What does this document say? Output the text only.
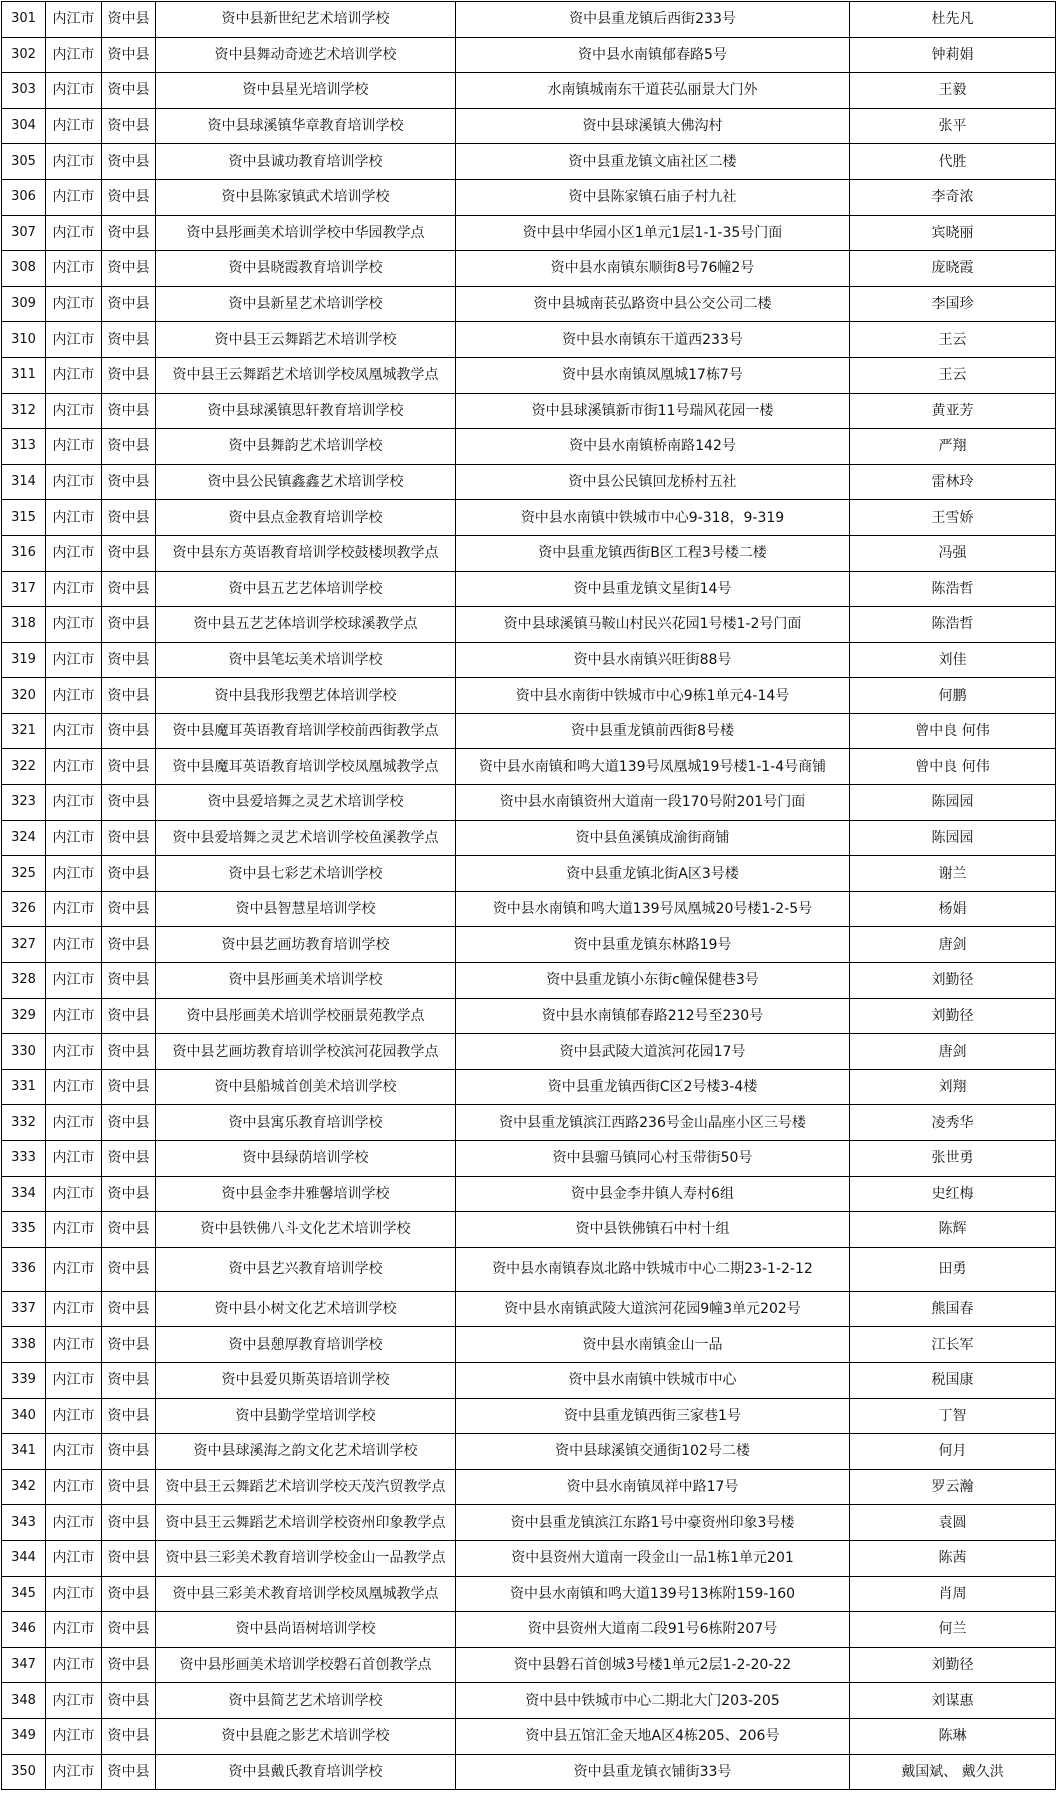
301	内江市	资中县	资中县新世纪艺术培训学校	资中县重龙镇后西街233号	杜先凡
302	内江市	资中县	资中县舞动奇迹艺术培训学校	资中县水南镇郁春路5号	钟莉娟
303	内江市	资中县	资中县星光培训学校	水南镇城南东干道苌弘丽景大门外	王毅
304	内江市	资中县	资中县球溪镇华章教育培训学校	资中县球溪镇大佛沟村	张平
305	内江市	资中县	资中县诚功教育培训学校	资中县重龙镇文庙社区二楼	代胜
306	内江市	资中县	资中县陈家镇武术培训学校	资中县陈家镇石庙子村九社	李奇浓
307	内江市	资中县	资中县彤画美术培训学校中华园教学点	资中县中华园小区1单元1层1-1-35号门面	宾晓丽
308	内江市	资中县	资中县晓霞教育培训学校	资中县水南镇东顺街8号76幢2号	庞晓霞
309	内江市	资中县	资中县新星艺术培训学校	资中县城南苌弘路资中县公交公司二楼	李国珍
310	内江市	资中县	资中县王云舞蹈艺术培训学校	资中县水南镇东干道西233号	王云
311	内江市	资中县	资中县王云舞蹈艺术培训学校凤凰城教学点	资中县水南镇凤凰城17栋7号	王云
312	内江市	资中县	资中县球溪镇思轩教育培训学校	资中县球溪镇新市街11号瑞风花园一楼	黄亚芳
313	内江市	资中县	资中县舞韵艺术培训学校	资中县水南镇桥南路142号	严翔
314	内江市	资中县	资中县公民镇鑫鑫艺术培训学校	资中县公民镇回龙桥村五社	雷林玲
315	内江市	资中县	资中县点金教育培训学校	资中县水南镇中铁城市中心9-318，9-319	王雪娇
316	内江市	资中县	资中县东方英语教育培训学校鼓楼坝教学点	资中县重龙镇西街B区工程3号楼二楼	冯强
317	内江市	资中县	资中县五艺艺体培训学校	资中县重龙镇文星街14号	陈浩哲
318	内江市	资中县	资中县五艺艺体培训学校球溪教学点	资中县球溪镇马鞍山村民兴花园1号楼1-2号门面	陈浩哲
319	内江市	资中县	资中县笔坛美术培训学校	资中县水南镇兴旺街88号	刘佳
320	内江市	资中县	资中县我形我塑艺体培训学校	资中县水南街中铁城市中心9栋1单元4-14号	何鹏
321	内江市	资中县	资中县魔耳英语教育培训学校前西街教学点	资中县重龙镇前西街8号楼	曾中良 何伟
322	内江市	资中县	资中县魔耳英语教育培训学校凤凰城教学点	资中县水南镇和鸣大道139号凤凰城19号楼1-1-4号商铺	曾中良 何伟
323	内江市	资中县	资中县爱培舞之灵艺术培训学校	资中县水南镇资州大道南一段170号附201号门面	陈园园
324	内江市	资中县	资中县爱培舞之灵艺术培训学校鱼溪教学点	资中县鱼溪镇成渝街商铺	陈园园
325	内江市	资中县	资中县七彩艺术培训学校	资中县重龙镇北街A区3号楼	谢兰
326	内江市	资中县	资中县智慧星培训学校	资中县水南镇和鸣大道139号凤凰城20号楼1-2-5号	杨娟
327	内江市	资中县	资中县艺画坊教育培训学校	资中县重龙镇东林路19号	唐剑
328	内江市	资中县	资中县彤画美术培训学校	资中县重龙镇小东街c幢保健巷3号	刘勤径
329	内江市	资中县	资中县彤画美术培训学校丽景苑教学点	资中县水南镇郁春路212号至230号	刘勤径
330	内江市	资中县	资中县艺画坊教育培训学校滨河花园教学点	资中县武陵大道滨河花园17号	唐剑
331	内江市	资中县	资中县船城首创美术培训学校	资中县重龙镇西街C区2号楼3-4楼	刘翔
332	内江市	资中县	资中县寓乐教育培训学校	资中县重龙镇滨江西路236号金山晶座小区三号楼	凌秀华
333	内江市	资中县	资中县绿荫培训学校	资中县骝马镇同心村玉带街50号	张世勇
334	内江市	资中县	资中县金李井雅馨培训学校	资中县金李井镇人寿村6组	史红梅
335	内江市	资中县	资中县铁佛八斗文化艺术培训学校	资中县铁佛镇石中村十组	陈辉
336	内江市	资中县	资中县艺兴教育培训学校	资中县水南镇春岚北路中铁城市中心二期23-1-2-12	田勇
337	内江市	资中县	资中县小树文化艺术培训学校	资中县水南镇武陵大道滨河花园9幢3单元202号	熊国春
338	内江市	资中县	资中县憩厚教育培训学校	资中县水南镇金山一品	江长军
339	内江市	资中县	资中县爱贝斯英语培训学校	资中县水南镇中铁城市中心	税国康
340	内江市	资中县	资中县勤学堂培训学校	资中县重龙镇西街三家巷1号	丁智
341	内江市	资中县	资中县球溪海之韵文化艺术培训学校	资中县球溪镇交通街102号二楼	何月
342	内江市	资中县	资中县王云舞蹈艺术培训学校天茂汽贸教学点	资中县水南镇凤祥中路17号	罗云瀚
343	内江市	资中县	资中县王云舞蹈艺术培训学校资州印象教学点	资中县重龙镇滨江东路1号中豪资州印象3号楼	袁圆
344	内江市	资中县	资中县三彩美术教育培训学校金山一品教学点	资中县资州大道南一段金山一品1栋1单元201	陈茜
345	内江市	资中县	资中县三彩美术教育培训学校凤凰城教学点	资中县水南镇和鸣大道139号13栋附159-160	肖周
346	内江市	资中县	资中县尚语树培训学校	资中县资州大道南二段91号6栋附207号	何兰
347	内江市	资中县	资中县彤画美术培训学校磐石首创教学点	资中县磐石首创城3号楼1单元2层1-2-20-22	刘勤径
348	内江市	资中县	资中县简艺艺术培训学校	资中县中铁城市中心二期北大门203-205	刘谋惠
349	内江市	资中县	资中县鹿之影艺术培训学校	资中县五馆汇金天地A区4栋205、206号	陈琳
350	内江市	资中县	资中县戴氏教育培训学校	资中县重龙镇衣铺街33号	戴国斌、 戴久洪
